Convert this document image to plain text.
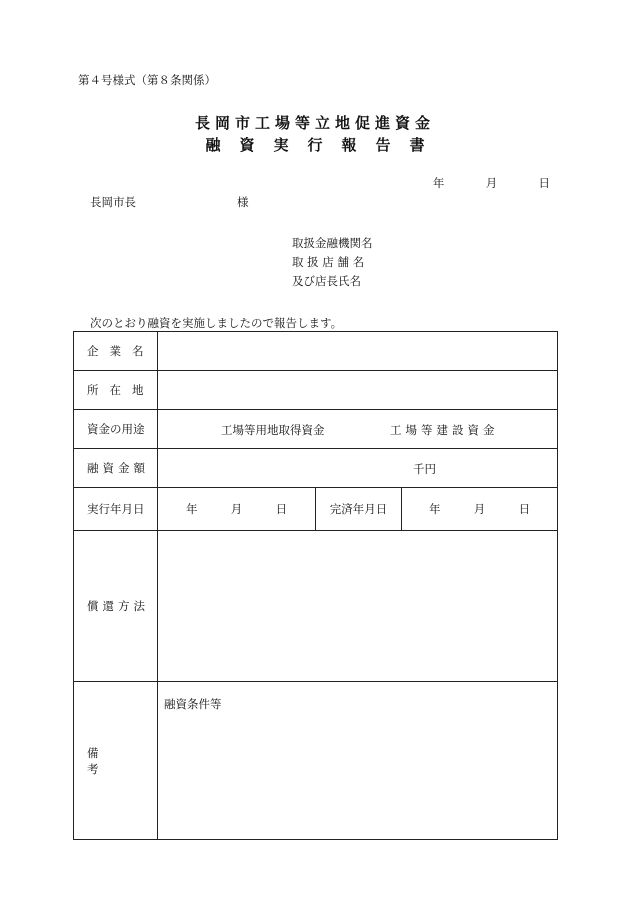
第４号様式（第８条関係）
長岡市工場等立地促進資金
融資実行報告書
年	月	日
長岡市長	様
取扱金融機関名
取 扱 店 舗 名
及び店長氏名
次のとおり融資を実施しましたので報告します。
企業名			
所在地			
資金の用途	工場等用地取得資金 工場等建設資金		

融資金額	千円		

実行年月日	年 月 日	完済年月日	年 月 日
償還方法			
備考	融資条件等		
